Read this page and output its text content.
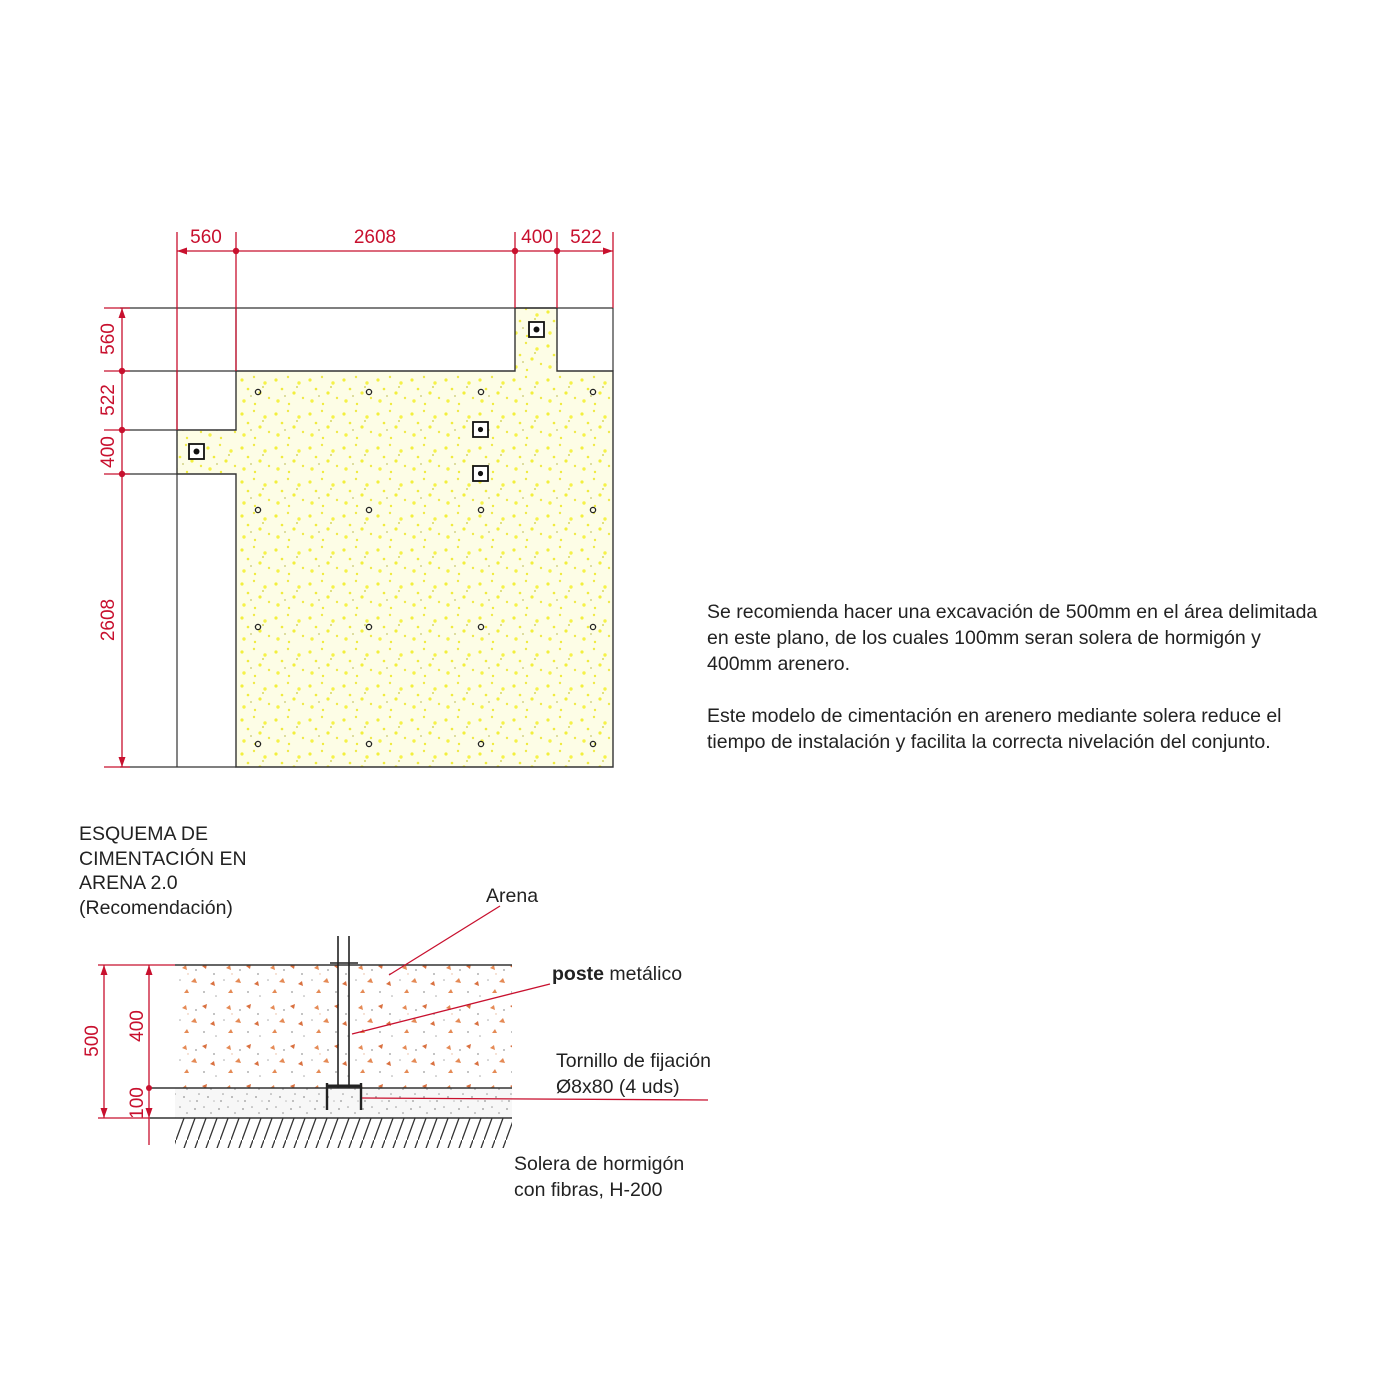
560	2608	400 522
560
522
400
2608
500 400
100
Arena
poste metálico
Tornillo de fijación
Ø8x80 (4 uds)
Solera de hormigón
con fibras, H-200
ESQUEMA DE
CIMENTACIÓN EN
ARENA 2.0
(Recomendación)

Se recomienda hacer una excavación de 500mm en el área delimitada en este plano, de los cuales 100mm seran solera de hormigón y 400mm arenero.

Este modelo de cimentación en arenero mediante solera reduce el tiempo de instalación y facilita la correcta nivelación del conjunto.
